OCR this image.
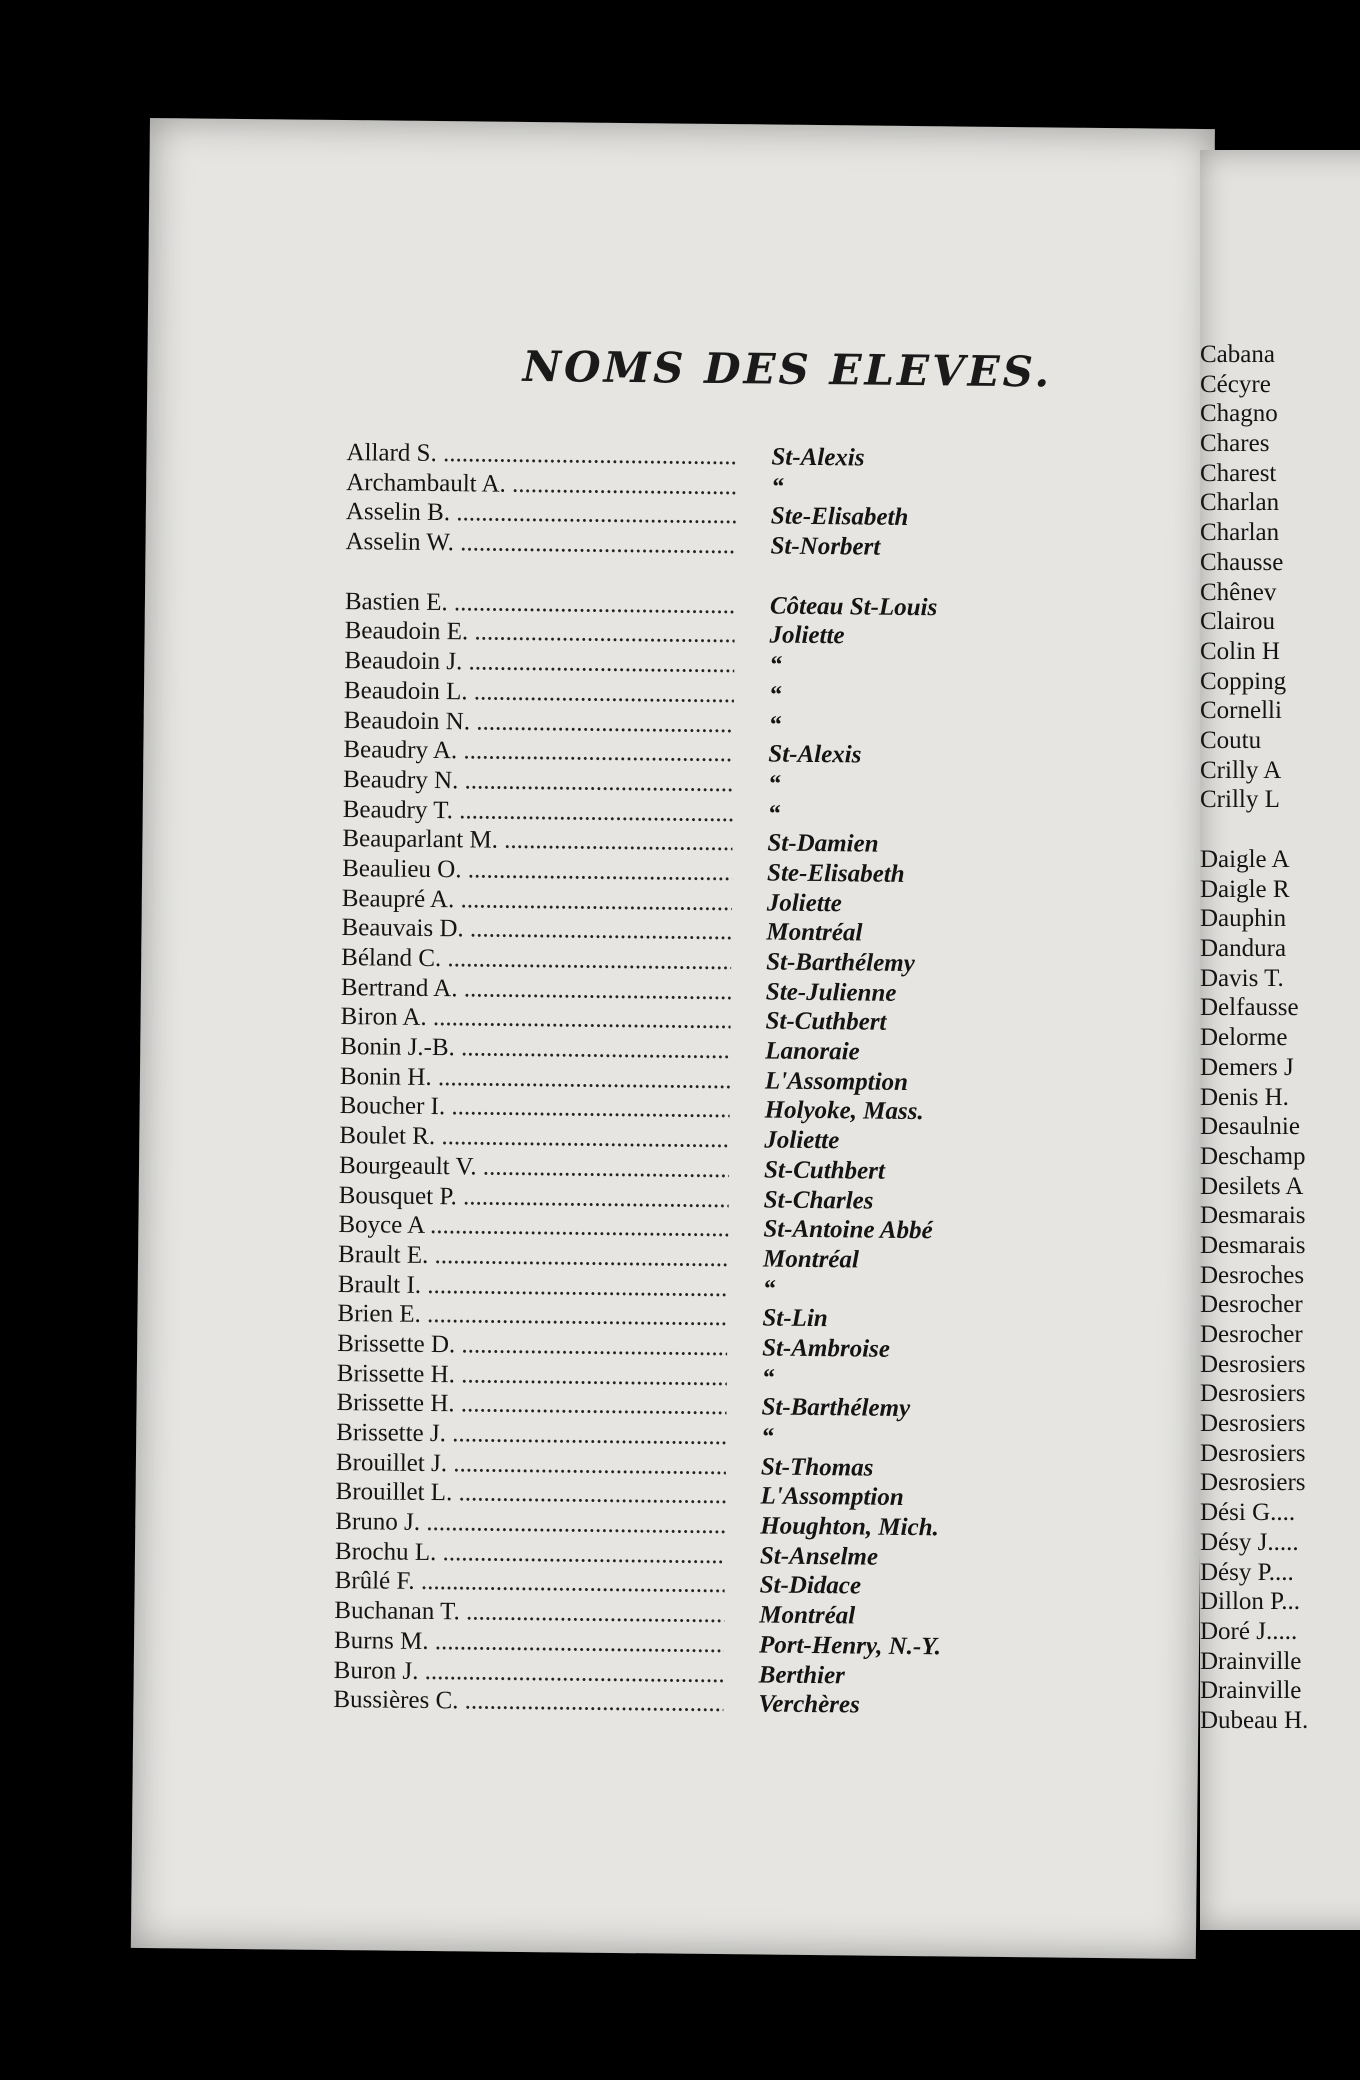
NOMS DES ELEVES.
Allard S. .....	St-Alexis
Archambault A. .....	“
Asselin B. .....	Ste-Elisabeth
Asselin W. .....	St-Norbert
Bastien E. .....	Côteau St-Louis
Beaudoin E. .....	Joliette
Beaudoin J. .....	“
Beaudoin L. .....	“
Beaudoin N. .....	“
Beaudry A. .....	St-Alexis
Beaudry N. .....	“
Beaudry T. .....	“
Beauparlant M. .....	St-Damien
Beaulieu O. .....	Ste-Elisabeth
Beaupré A. .....	Joliette
Beauvais D. .....	Montréal
Béland C. .....	St-Barthélemy
Bertrand A. .....	Ste-Julienne
Biron A. .....	St-Cuthbert
Bonin J.-B. .....	Lanoraie
Bonin H. .....	L'Assomption
Boucher I. .....	Holyoke, Mass.
Boulet R. .....	Joliette
Bourgeault V. .....	St-Cuthbert
Bousquet P. .....	St-Charles
Boyce A .....	St-Antoine Abbé
Brault E. .....	Montréal
Brault I. .....	“
Brien E. .....	St-Lin
Brissette D. .....	St-Ambroise
Brissette H. .....	“
Brissette H. .....	St-Barthélemy
Brissette J. .....	“
Brouillet J. .....	St-Thomas
Brouillet L. .....	L'Assomption
Bruno J. .....	Houghton, Mich.
Brochu L. .....	St-Anselme
Brûlé F. .....	St-Didace
Buchanan T. .....	Montréal
Burns M. .....	Port-Henry, N.-Y.
Buron J. .....	Berthier
Bussières C. .....	Verchères
Cabana
Cécyre
Chagno
Chares
Charest
Charlan
Charlan
Chausse
Chênev
Clairou
Colin H
Copping
Cornelli
Coutu
Crilly A
Crilly L
Daigle A
Daigle R
Dauphin
Dandura
Davis T.
Delfausse
Delorme
Demers J
Denis H.
Desaulnie
Deschamp
Desilets A
Desmarais
Desmarais
Desroches
Desrocher
Desrocher
Desrosiers
Desrosiers
Desrosiers
Desrosiers
Desrosiers
Dési G....
Désy J.....
Désy P....
Dillon P...
Doré J.....
Drainville
Drainville
Dubeau H.
